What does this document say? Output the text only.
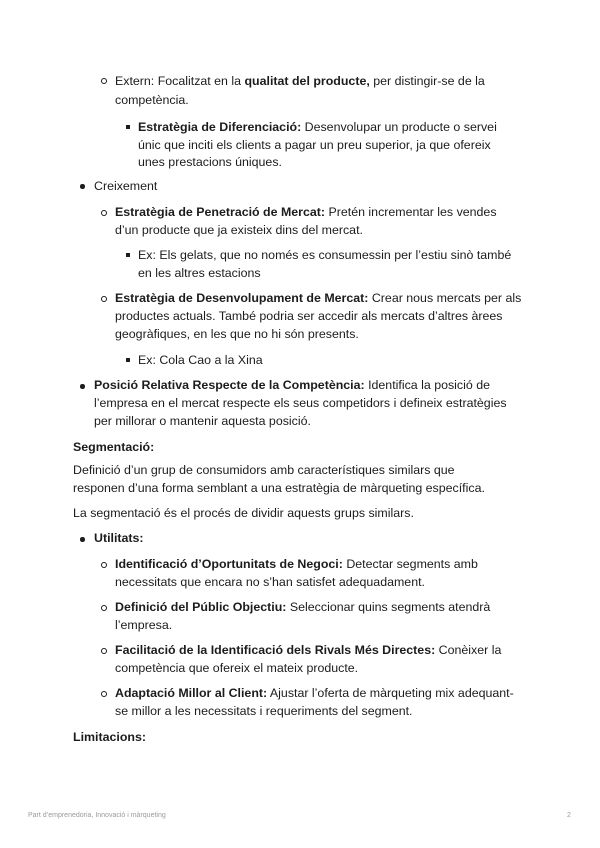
Extern: Focalitzat en la qualitat del producte, per distingir-se de la
competència.
Estratègia de Diferenciació: Desenvolupar un producte o servei
únic que inciti els clients a pagar un preu superior, ja que ofereix
unes prestacions úniques.
Creixement
Estratègia de Penetració de Mercat: Pretén incrementar les vendes
d’un producte que ja existeix dins del mercat.
Ex: Els gelats, que no només es consumessin per l’estiu sinò també
en les altres estacions
Estratègia de Desenvolupament de Mercat: Crear nous mercats per als
productes actuals. També podria ser accedir als mercats d’altres àrees
geogràfiques, en les que no hi són presents.
Ex: Cola Cao a la Xina
Posició Relativa Respecte de la Competència: Identifica la posició de
l’empresa en el mercat respecte els seus competidors i defineix estratègies
per millorar o mantenir aquesta posició.
Segmentació:
Definició d’un grup de consumidors amb característiques similars que
responen d’una forma semblant a una estratègia de màrqueting específica.
La segmentació és el procés de dividir aquests grups similars.
Utilitats:
Identificació d’Oportunitats de Negoci: Detectar segments amb
necessitats que encara no s’han satisfet adequadament.
Definició del Públic Objectiu: Seleccionar quins segments atendrà
l’empresa.
Facilitació de la Identificació dels Rivals Més Directes: Conèixer la
competència que ofereix el mateix producte.
Adaptació Millor al Client: Ajustar l’oferta de màrqueting mix adequant-
se millor a les necessitats i requeriments del segment.
Limitacions:
Part d’emprenedoria, Innovació i màrqueting	2
